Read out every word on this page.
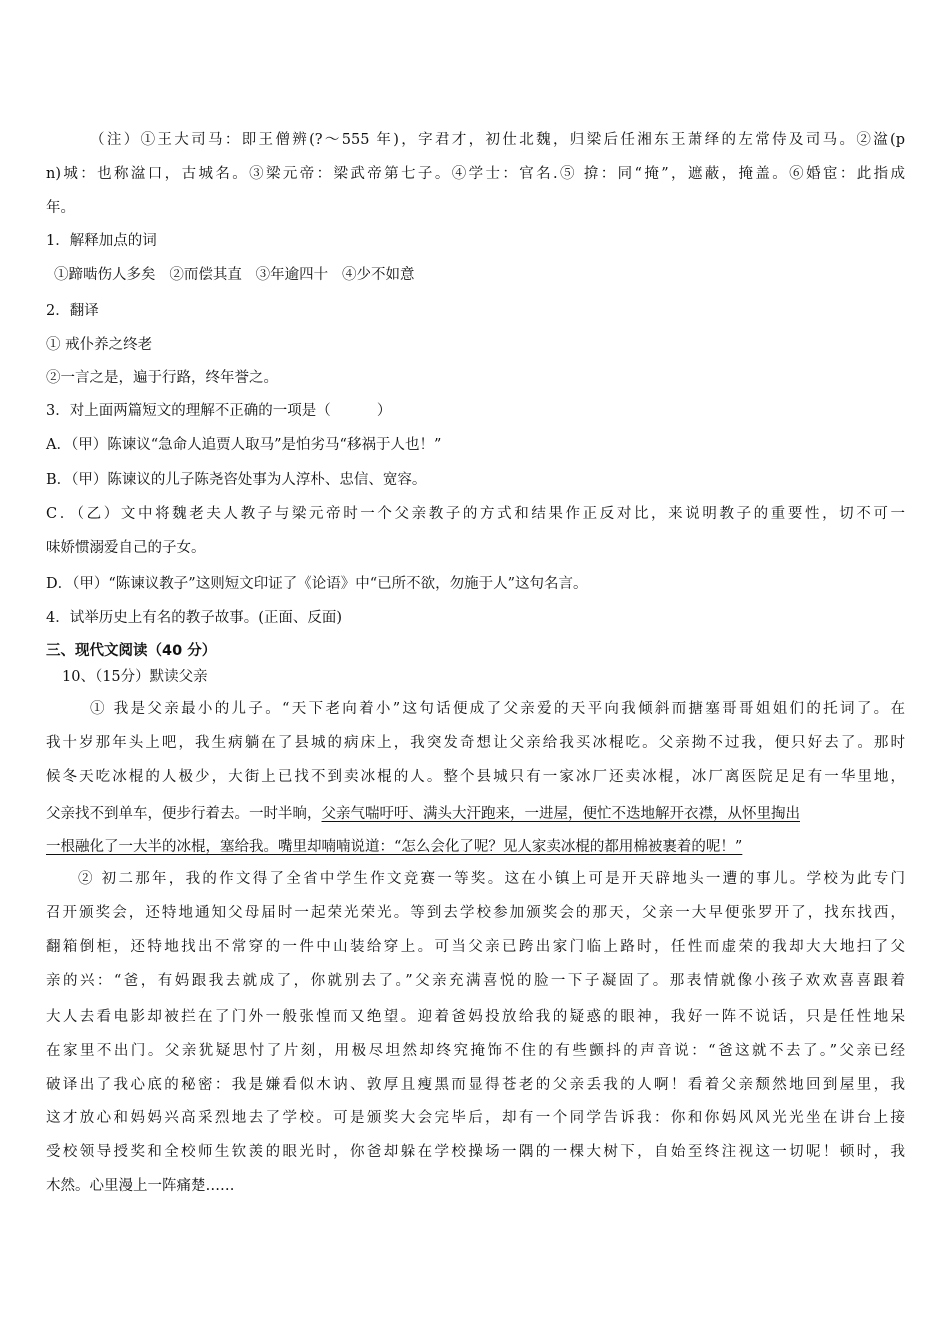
（注）①王大司马：即王僧辨(?～555 年)，字君才，初仕北魏，归梁后任湘东王萧绎的左常侍及司马。②湓(p
n)城：也称湓口，古城名。③梁元帝：梁武帝第七子。④学士：官名.⑤ 揜：同“掩”，遮蔽，掩盖。⑥婚宦：此指成
年。
1．解释加点的词
①蹄啮伤人多矣   ②而偿其直   ③年逾四十   ④少不如意
2．翻译
① 戒仆养之终老
②一言之是，遍于行路，终年誉之。
3．对上面两篇短文的理解不正确的一项是（          ）
A．（甲）陈谏议“急命人追贾人取马”是怕劣马“移祸于人也！”
B．（甲）陈谏议的儿子陈尧咨处事为人淳朴、忠信、宽容。
C．（乙）文中将魏老夫人教子与梁元帝时一个父亲教子的方式和结果作正反对比，来说明教子的重要性，切不可一
味娇惯溺爱自己的子女。
D．（甲）“陈谏议教子”这则短文印证了《论语》中“已所不欲，勿施于人”这句名言。
4．试举历史上有名的教子故事。(正面、反面)
三、现代文阅读（40 分）
10、（15分）默读父亲
① 我是父亲最小的儿子。“天下老向着小”这句话便成了父亲爱的天平向我倾斜而搪塞哥哥姐姐们的托词了。在
我十岁那年头上吧，我生病躺在了县城的病床上，我突发奇想让父亲给我买冰棍吃。父亲拗不过我，便只好去了。那时
候冬天吃冰棍的人极少，大街上已找不到卖冰棍的人。整个县城只有一家冰厂还卖冰棍，冰厂离医院足足有一华里地，
父亲找不到单车，便步行着去。一时半晌，父亲气喘吁吁、满头大汗跑来，一进屋，便忙不迭地解开衣襟，从怀里掏出
一根融化了一大半的冰棍，塞给我。嘴里却喃喃说道：“怎么会化了呢？见人家卖冰棍的都用棉被裹着的呢！”
② 初二那年，我的作文得了全省中学生作文竞赛一等奖。这在小镇上可是开天辟地头一遭的事儿。学校为此专门
召开颁奖会，还特地通知父母届时一起荣光荣光。等到去学校参加颁奖会的那天，父亲一大早便张罗开了，找东找西，
翻箱倒柜，还特地找出不常穿的一件中山装给穿上。可当父亲已跨出家门临上路时，任性而虚荣的我却大大地扫了父
亲的兴：“爸，有妈跟我去就成了，你就别去了。”父亲充满喜悦的脸一下子凝固了。那表情就像小孩子欢欢喜喜跟着
大人去看电影却被拦在了门外一般张惶而又绝望。迎着爸妈投放给我的疑惑的眼神，我好一阵不说话，只是任性地呆
在家里不出门。父亲犹疑思忖了片刻，用极尽坦然却终究掩饰不住的有些颤抖的声音说：“爸这就不去了。”父亲已经
破译出了我心底的秘密：我是嫌看似木讷、敦厚且瘦黑而显得苍老的父亲丢我的人啊！看着父亲颓然地回到屋里，我
这才放心和妈妈兴高采烈地去了学校。可是颁奖大会完毕后，却有一个同学告诉我：你和你妈风风光光坐在讲台上接
受校领导授奖和全校师生钦羡的眼光时，你爸却躲在学校操场一隅的一棵大树下，自始至终注视这一切呢！顿时，我
木然。心里漫上一阵痛楚……
